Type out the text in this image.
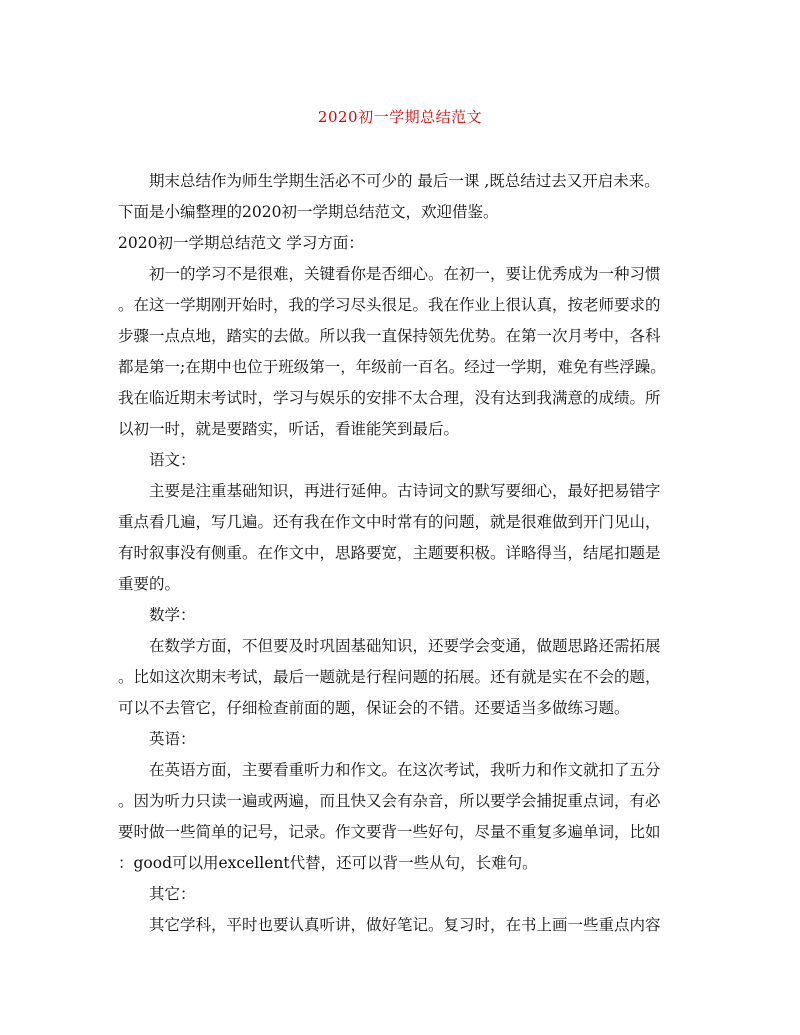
2020初一学期总结范文
期末总结作为师生学期生活必不可少的 最后一课 ,既总结过去又开启未来。
下面是小编整理的2020初一学期总结范文，欢迎借鉴。
2020初一学期总结范文 学习方面：
初一的学习不是很难，关键看你是否细心。在初一，要让优秀成为一种习惯
。在这一学期刚开始时，我的学习尽头很足。我在作业上很认真，按老师要求的
步骤一点点地，踏实的去做。所以我一直保持领先优势。在第一次月考中，各科
都是第一;在期中也位于班级第一，年级前一百名。经过一学期，难免有些浮躁。
我在临近期末考试时，学习与娱乐的安排不太合理，没有达到我满意的成绩。所
以初一时，就是要踏实，听话，看谁能笑到最后。
语文：
主要是注重基础知识，再进行延伸。古诗词文的默写要细心，最好把易错字
重点看几遍，写几遍。还有我在作文中时常有的问题，就是很难做到开门见山，
有时叙事没有侧重。在作文中，思路要宽，主题要积极。详略得当，结尾扣题是
重要的。
数学：
在数学方面，不但要及时巩固基础知识，还要学会变通，做题思路还需拓展
。比如这次期末考试，最后一题就是行程问题的拓展。还有就是实在不会的题，
可以不去管它，仔细检查前面的题，保证会的不错。还要适当多做练习题。
英语：
在英语方面，主要看重听力和作文。在这次考试，我听力和作文就扣了五分
。因为听力只读一遍或两遍，而且快又会有杂音，所以要学会捕捉重点词，有必
要时做一些简单的记号，记录。作文要背一些好句，尽量不重复多遍单词，比如
：good可以用excellent代替，还可以背一些从句，长难句。
其它：
其它学科，平时也要认真听讲，做好笔记。复习时，在书上画一些重点内容
